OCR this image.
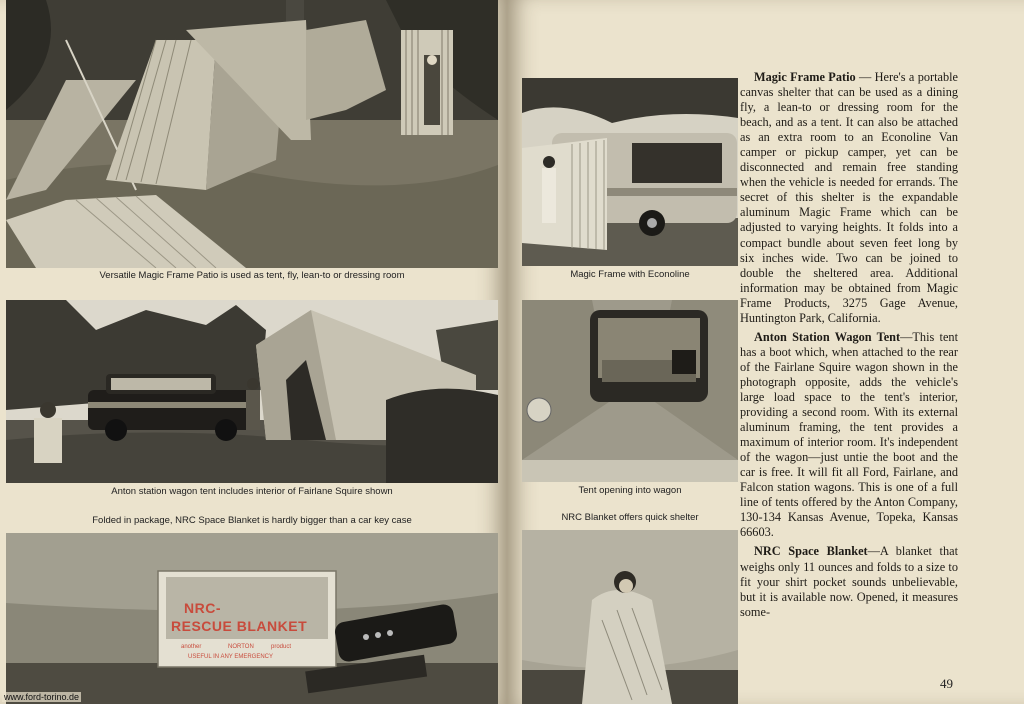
Versatile Magic Frame Patio is used as tent, fly, lean-to or dressing room
Anton station wagon tent includes interior of Fairlane Squire shown
Folded in package, NRC Space Blanket is hardly bigger than a car key case
NRC-
RESCUE BLANKET
another	NORTON	product
USEFUL IN ANY EMERGENCY
Magic Frame with Econoline
Tent opening into wagon
NRC Blanket offers quick shelter

Magic Frame Patio — Here's a portable canvas shelter that can be used as a dining fly, a lean-to or dressing room for the beach, and as a tent. It can also be attached as an extra room to an Econoline Van camper or pickup camper, yet can be disconnected and remain free standing when the vehicle is needed for errands. The secret of this shelter is the expandable aluminum Magic Frame which can be adjusted to varying heights. It folds into a compact bundle about seven feet long by six inches wide. Two can be joined to double the sheltered area. Additional information may be obtained from Magic Frame Products, 3275 Gage Avenue, Huntington Park, California.

Anton Station Wagon Tent—This tent has a boot which, when attached to the rear of the Fairlane Squire wagon shown in the photograph opposite, adds the vehicle's large load space to the tent's interior, providing a second room. With its external aluminum framing, the tent provides a maximum of interior room. It's independent of the wagon—just untie the boot and the car is free. It will fit all Ford, Fairlane, and Falcon station wagons. This is one of a full line of tents offered by the Anton Company, 130-134 Kansas Avenue, Topeka, Kansas 66603.

NRC Space Blanket—A blanket that weighs only 11 ounces and folds to a size to fit your shirt pocket sounds unbelievable, but it is available now. Opened, it measures some-

49
www.ford-torino.de
